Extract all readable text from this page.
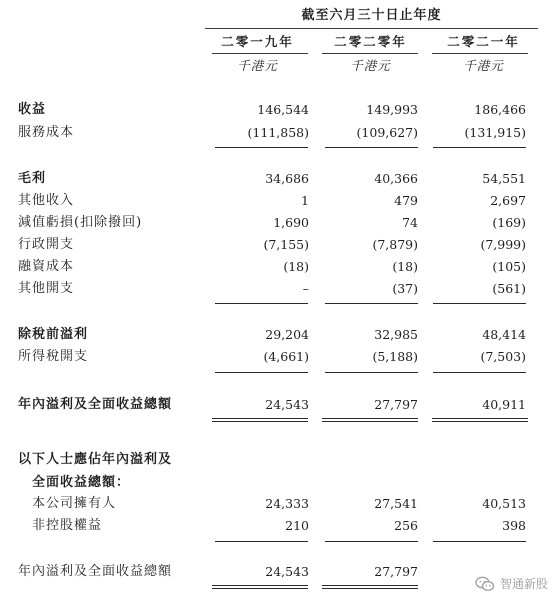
截至六月三十日止年度
二零一九年	二零二零年	二零二一年
千港元	千港元	千港元
收益	146,544	149,993	186,466
服務成本	(111,858)	(109,627)	(131,915)
毛利	34,686	40,366	54,551
其他收入	1	479	2,697
減值虧損(扣除撥回)	1,690	74	(169)
行政開支	(7,155)	(7,879)	(7,999)
融資成本	(18)	(18)	(105)
其他開支	–	(37)	(561)
除稅前溢利	29,204	32,985	48,414
所得稅開支	(4,661)	(5,188)	(7,503)
年內溢利及全面收益總額	24,543	27,797	40,911
以下人士應佔年內溢利及
全面收益總額：
本公司擁有人	24,333	27,541	40,513
非控股權益	210	256	398
年內溢利及全面收益總額	24,543	27,797
智通新股
